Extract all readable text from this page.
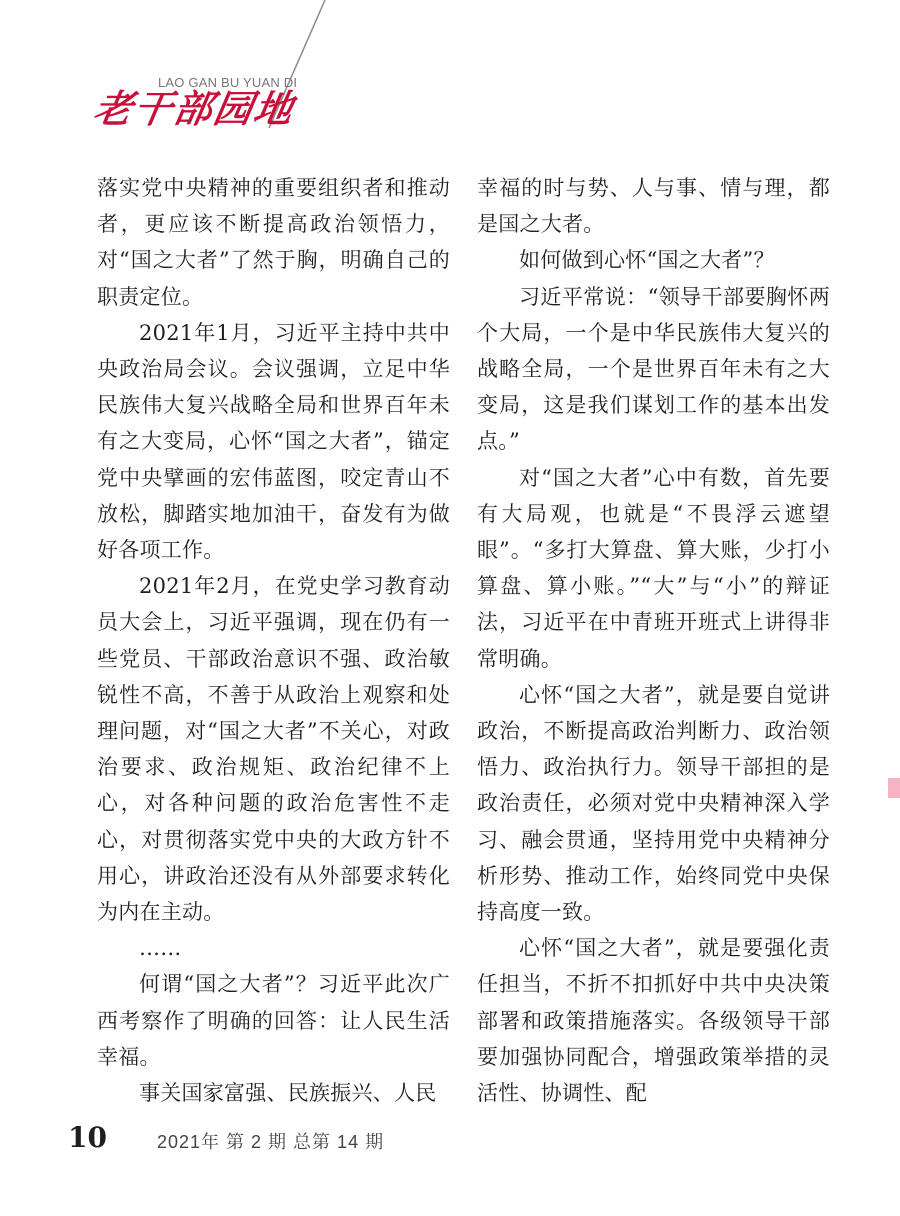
LAO GAN BU YUAN DI
老干部园地

落实党中央精神的重要组织者和推动者，更应该不断提高政治领悟力，对“国之大者”了然于胸，明确自己的职责定位。

2021年1月，习近平主持中共中央政治局会议。会议强调，立足中华民族伟大复兴战略全局和世界百年未有之大变局，心怀“国之大者”，锚定党中央擘画的宏伟蓝图，咬定青山不放松，脚踏实地加油干，奋发有为做好各项工作。

2021年2月，在党史学习教育动员大会上，习近平强调，现在仍有一些党员、干部政治意识不强、政治敏锐性不高，不善于从政治上观察和处理问题，对“国之大者”不关心，对政治要求、政治规矩、政治纪律不上心，对各种问题的政治危害性不走心，对贯彻落实党中央的大政方针不用心，讲政治还没有从外部要求转化为内在主动。

……

何谓“国之大者”？习近平此次广西考察作了明确的回答：让人民生活幸福。

事关国家富强、民族振兴、人民

幸福的时与势、人与事、情与理，都是国之大者。

如何做到心怀“国之大者”？

习近平常说：“领导干部要胸怀两个大局，一个是中华民族伟大复兴的战略全局，一个是世界百年未有之大变局，这是我们谋划工作的基本出发点。”

对“国之大者”心中有数，首先要有大局观，也就是“不畏浮云遮望眼”。“多打大算盘、算大账，少打小算盘、算小账。”“大”与“小”的辩证法，习近平在中青班开班式上讲得非常明确。

心怀“国之大者”，就是要自觉讲政治，不断提高政治判断力、政治领悟力、政治执行力。领导干部担的是政治责任，必须对党中央精神深入学习、融会贯通，坚持用党中央精神分析形势、推动工作，始终同党中央保持高度一致。

心怀“国之大者”，就是要强化责任担当，不折不扣抓好中共中央决策部署和政策措施落实。各级领导干部要加强协同配合，增强政策举措的灵活性、协调性、配

10	2021年 第 2 期 总第 14 期
